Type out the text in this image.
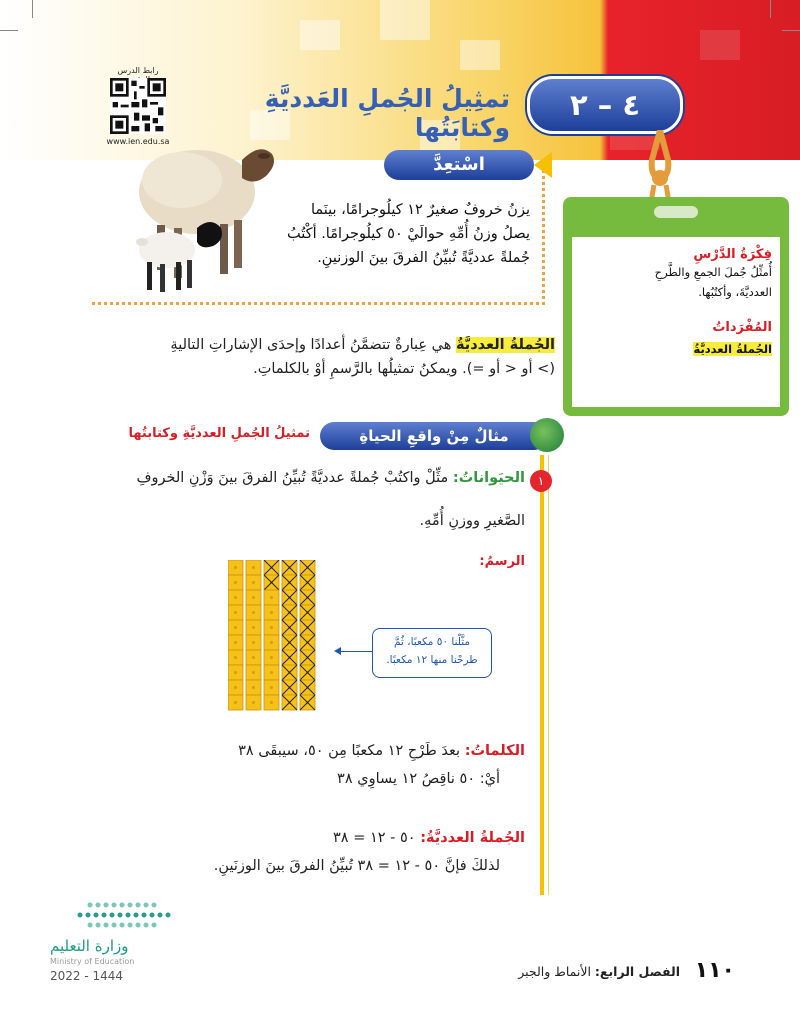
٤ – ٢
تمثِيلُ الجُملِ العَدديَّةِ وكتابَتُها
رابط الدرس
www.ien.edu.sa
اسْتعِدَّ
يزنُ خروفٌ صغيرٌ ١٢ كيلُوجرامًا، بينَما
يصلُ وزنُ أُمِّهِ حوالَيْ ٥٠ كيلُوجرامًا. أكْتُبُ
جُملةً عدديَّةً تُبيِّنُ الفرقَ بينَ الوزنينِ.	فِكْرَةُ الدَّرْسِ
أُمثِّلُ جُملَ الجمعِ والطَّرحِ
العدديَّةَ، وأكتُبُها.
المُفْرَداتُ
الجُملةُ العدديَّةُ
الجُملةُ العدديَّةُ هي عِبارةٌ تتضمَّنُ أعدادًا وإحدَى الإشاراتِ التاليةِ
(> أو < أو =). ويمكنُ تمثيلُها بالرَّسمِ أوْ بالكلماتِ.
مثالٌ مِنْ واقعِ الحياةِ
تمثيلُ الجُملِ العدديَّةِ وكتابتُها
١
الحيَواناتُ: مثِّلْ واكتُبْ جُملةً عدديَّةً تُبيِّنُ الفرقَ بينَ وَزْنِ الخروفِ
الصَّغيرِ ووزنِ أُمِّهِ.
الرسمُ:
مثَّلْنا ٥٠ مكعبًا، ثُمَّ
طرحْنا منها ١٢ مكعبًا.
الكلماتُ: بعدَ طَرْحِ ١٢ مكعبًا مِن ٥٠، سيبقَى ٣٨
أيْ: ٥٠ ناقِصُ ١٢ يساوِي ٣٨
الجُملةُ العدديَّةُ: ٥٠ - ١٢ = ٣٨
لذلكَ فإنَّ ٥٠ - ١٢ = ٣٨ تُبيِّنُ الفرقَ بينَ الوزنَينِ.
وزارة التعليم
Ministry of Education
2022 - 1444	١١٠
الفصل الرابع: الأنماط والجبر
